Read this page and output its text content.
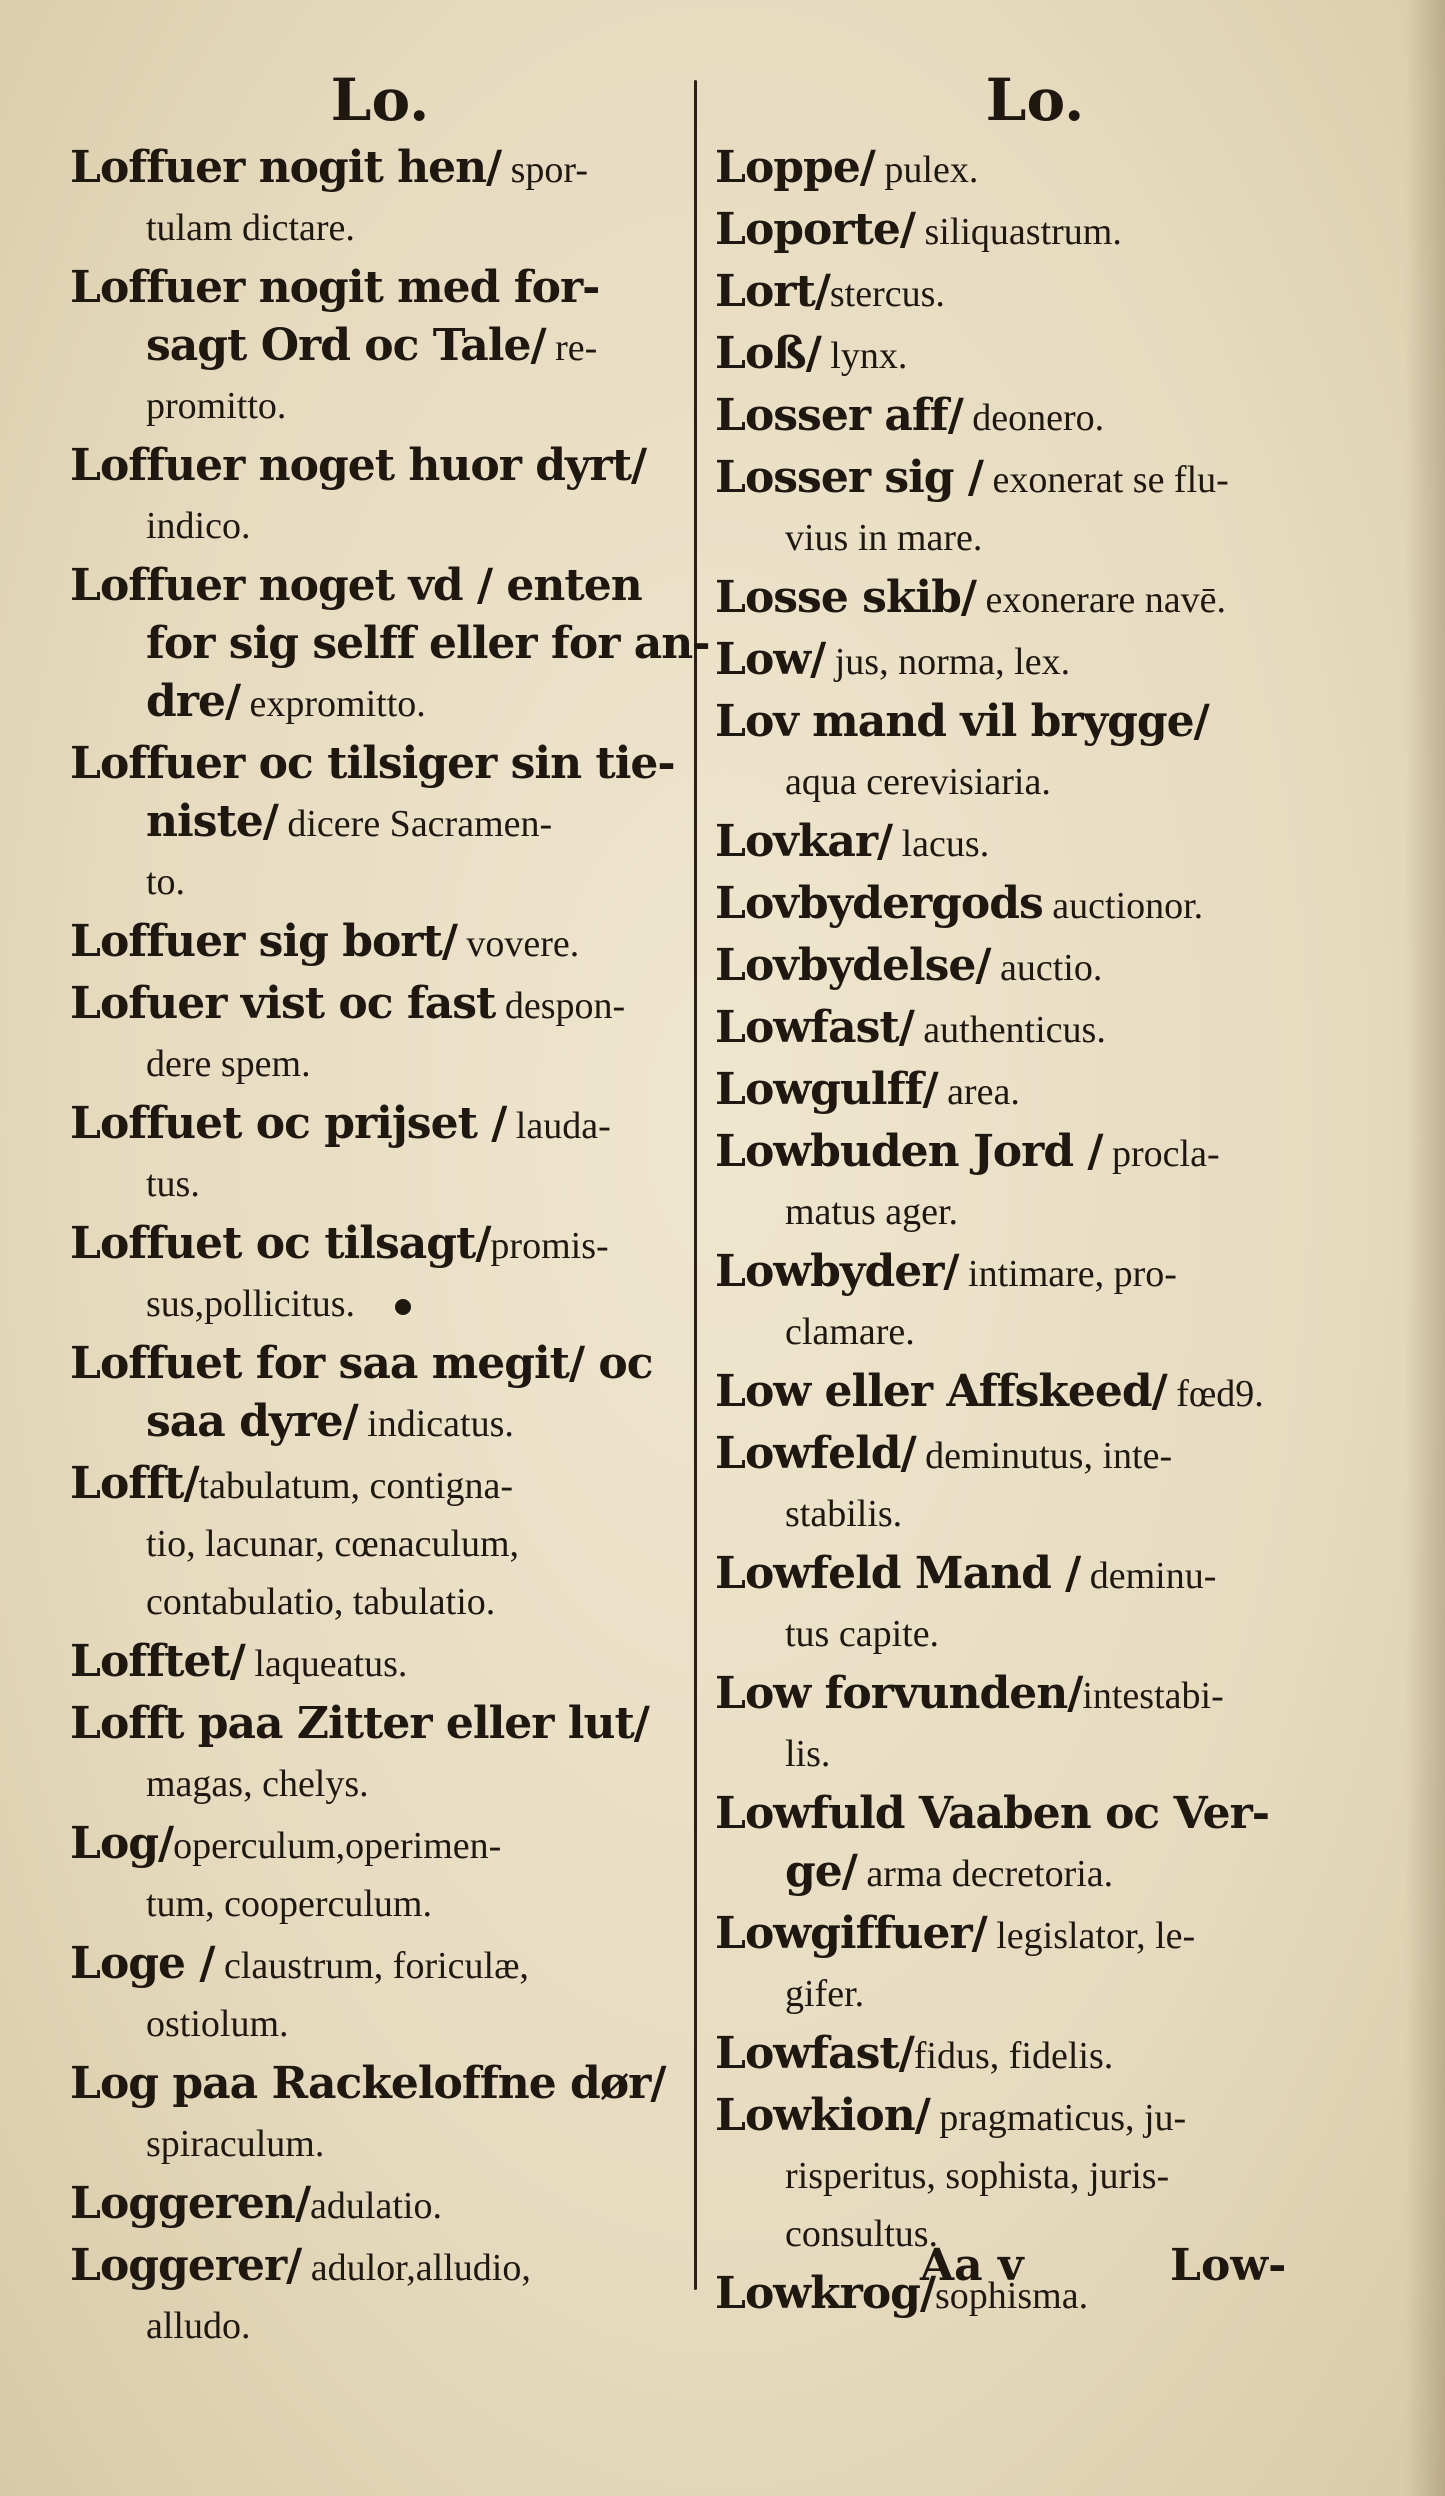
Lo.
Loffuer nogit hen/ spor-
tulam dictare.
Loffuer nogit med for-
sagt Ord oc Tale/ re-
promitto.
Loffuer noget huor dyrt/
indico.
Loffuer noget vd / enten
for sig selff eller for an-
dre/ expromitto.
Loffuer oc tilsiger sin tie-
niste/ dicere Sacramen-
to.
Loffuer sig bort/ vovere.
Lofuer vist oc fast despon-
dere spem.
Loffuet oc prijset / lauda-
tus.
Loffuet oc tilsagt/promis-
sus,pollicitus.
Loffuet for saa megit/ oc
saa dyre/ indicatus.
Lofft/tabulatum, contigna-
tio, lacunar, cœnaculum,
contabulatio, tabulatio.
Lofftet/ laqueatus.
Lofft paa Zitter eller lut/
magas, chelys.
Log/operculum,operimen-
tum, cooperculum.
Loge / claustrum, foriculæ,
ostiolum.
Log paa Rackeloffne dør/
spiraculum.
Loggeren/adulatio.
Loggerer/ adulor,alludio,
alludo.
Lo.
Loppe/ pulex.
Loporte/ siliquastrum.
Lort/stercus.
Loß/ lynx.
Losser aff/ deonero.
Losser sig / exonerat se flu-
vius in mare.
Losse skib/ exonerare navē.
Low/ jus, norma, lex.
Lov mand vil brygge/
aqua cerevisiaria.
Lovkar/ lacus.
Lovbydergods auctionor.
Lovbydelse/ auctio.
Lowfast/ authenticus.
Lowgulff/ area.
Lowbuden Jord / procla-
matus ager.
Lowbyder/ intimare, pro-
clamare.
Low eller Affskeed/ fœd9.
Lowfeld/ deminutus, inte-
stabilis.
Lowfeld Mand / deminu-
tus capite.
Low forvunden/intestabi-
lis.
Lowfuld Vaaben oc Ver-
ge/ arma decretoria.
Lowgiffuer/ legislator, le-
gifer.
Lowfast/fidus, fidelis.
Lowkion/ pragmaticus, ju-
risperitus, sophista, juris-
consultus.
Lowkrog/sophisma.
Aa v	Low-
